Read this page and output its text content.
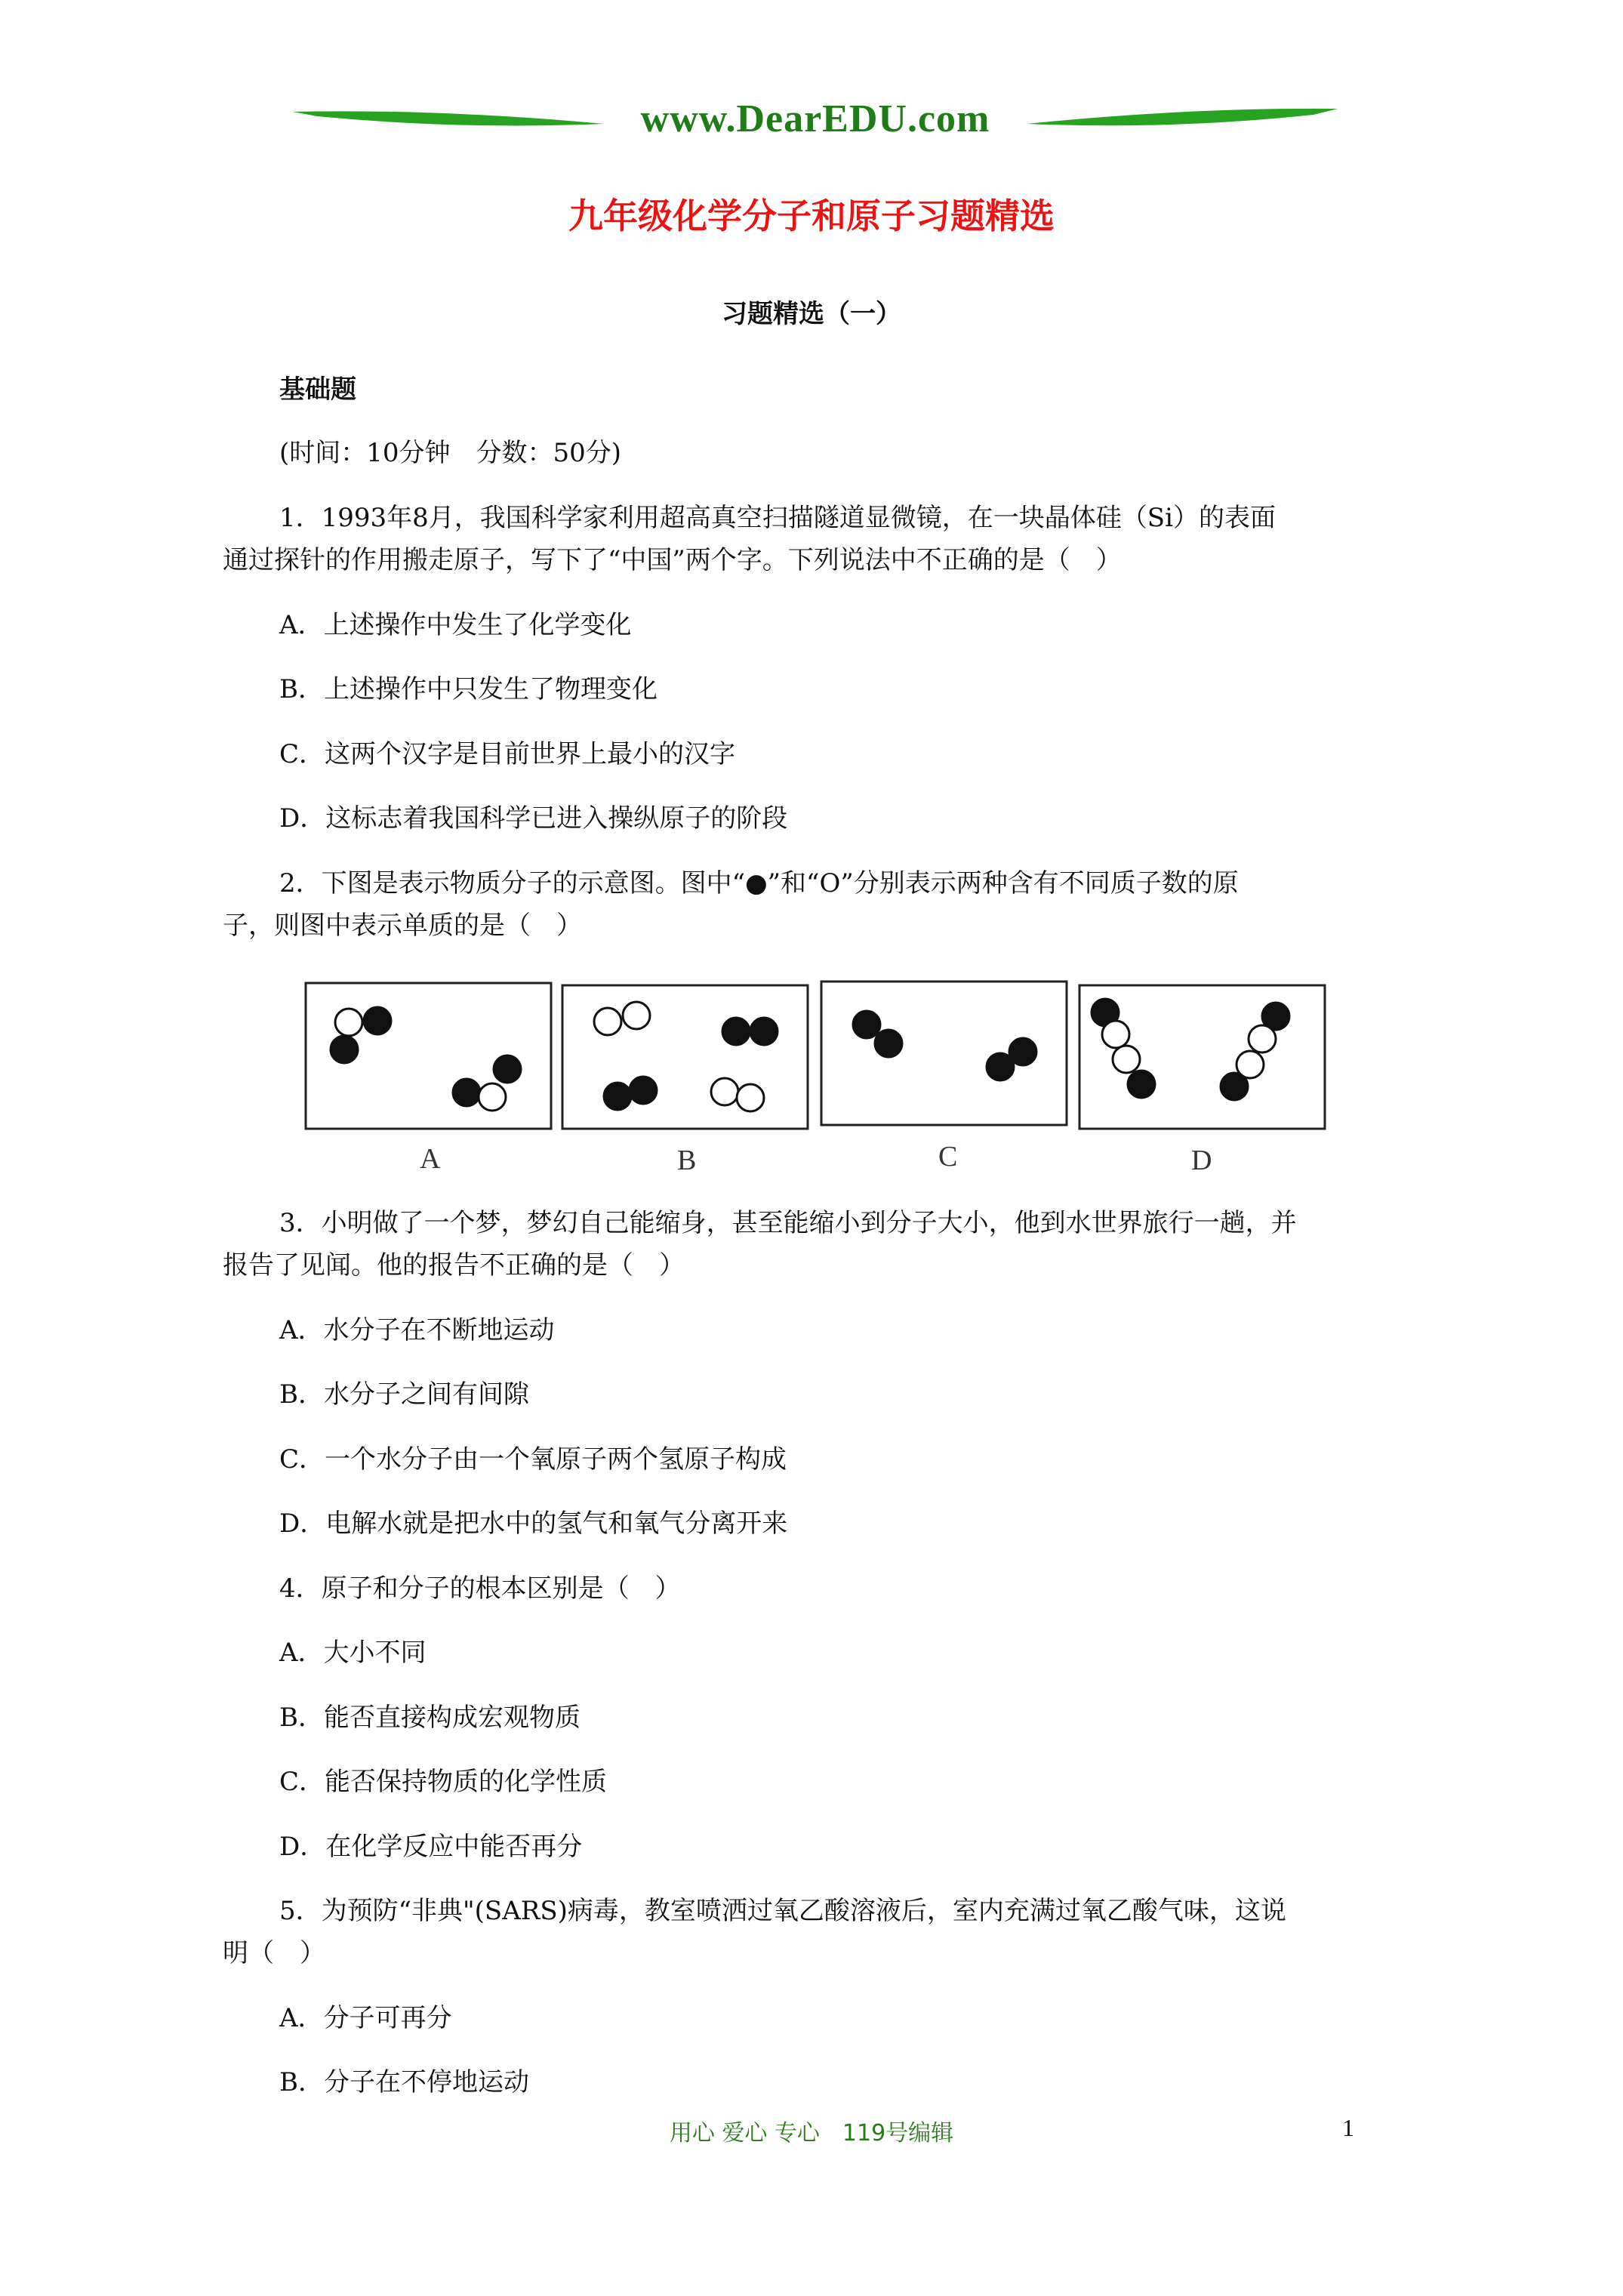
www.DearEDU.com
九年级化学分子和原子习题精选
习题精选（一）
基础题
(时间：10分钟　分数：50分)
1．1993年8月，我国科学家利用超高真空扫描隧道显微镜，在一块晶体硅（Si）的表面
通过探针的作用搬走原子，写下了“中国”两个字。下列说法中不正确的是（　）
A．上述操作中发生了化学变化
B．上述操作中只发生了物理变化
C．这两个汉字是目前世界上最小的汉字
D．这标志着我国科学已进入操纵原子的阶段
2．下图是表示物质分子的示意图。图中“●”和“O”分别表示两种含有不同质子数的原
子，则图中表示单质的是（　）
A	B	C	D
3．小明做了一个梦，梦幻自己能缩身，甚至能缩小到分子大小，他到水世界旅行一趟，并
报告了见闻。他的报告不正确的是（　）
A．水分子在不断地运动
B．水分子之间有间隙
C．一个水分子由一个氧原子两个氢原子构成
D．电解水就是把水中的氢气和氧气分离开来
4．原子和分子的根本区别是（　）
A．大小不同
B．能否直接构成宏观物质
C．能否保持物质的化学性质
D．在化学反应中能否再分
5．为预防“非典"(SARS)病毒，教室喷洒过氧乙酸溶液后，室内充满过氧乙酸气味，这说
明（　）
A．分子可再分
B．分子在不停地运动
用心 爱心 专心　119号编辑	1
